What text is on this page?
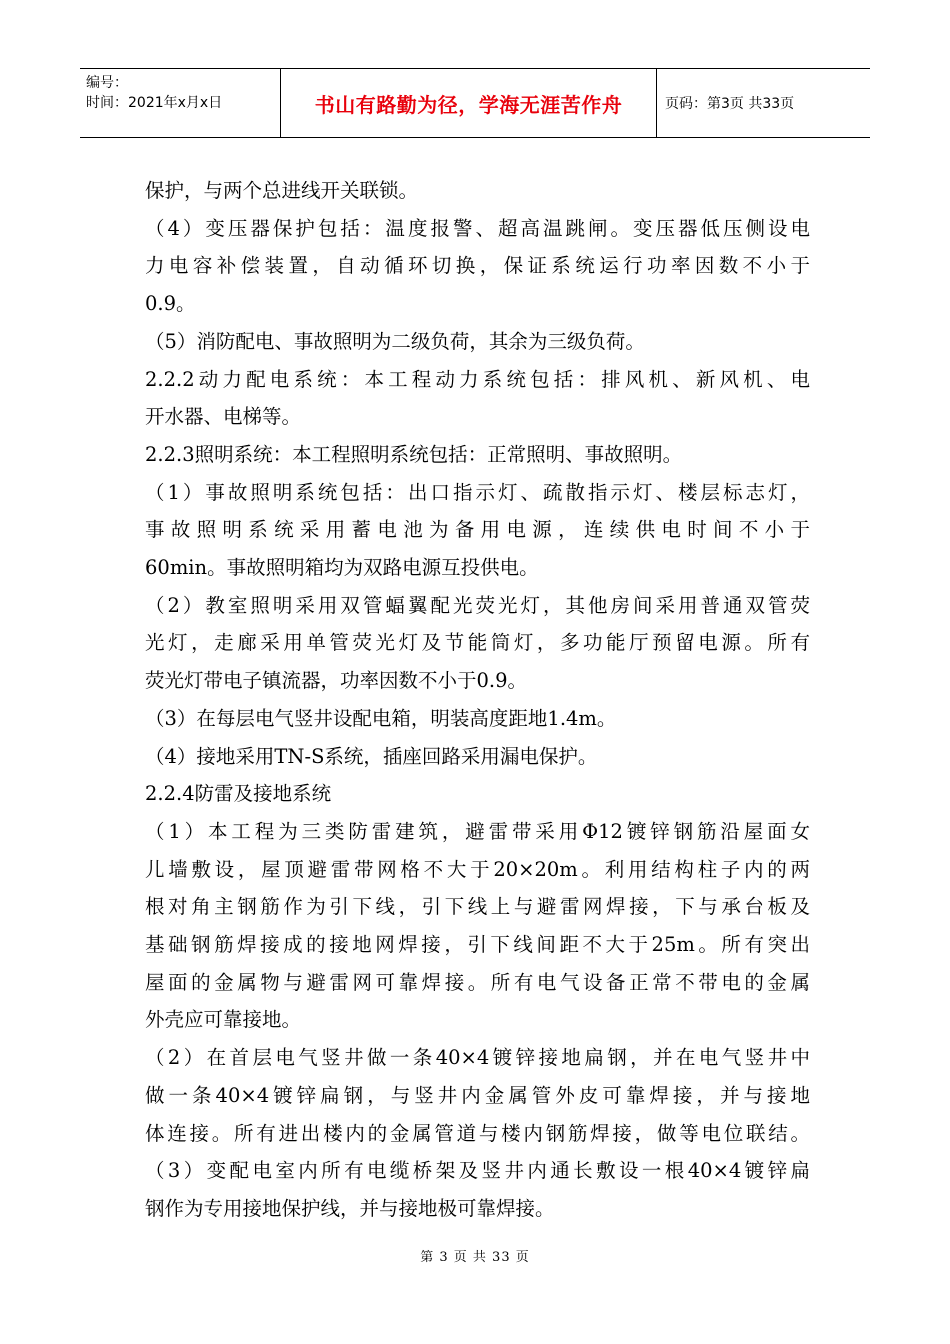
编号：
时间：2021年x月x日	书山有路勤为径，学海无涯苦作舟	页码：第3页 共33页

保护，与两个总进线开关联锁。

（4）变压器保护包括：温度报警、超高温跳闸。变压器低压侧设电

力电容补偿装置，自动循环切换，保证系统运行功率因数不小于

0.9。

（5）消防配电、事故照明为二级负荷，其余为三级负荷。

2.2.2动力配电系统：本工程动力系统包括：排风机、新风机、电

开水器、电梯等。

2.2.3照明系统：本工程照明系统包括：正常照明、事故照明。

（1）事故照明系统包括：出口指示灯、疏散指示灯、楼层标志灯，

事故照明系统采用蓄电池为备用电源，连续供电时间不小于

60min。事故照明箱均为双路电源互投供电。

（2）教室照明采用双管蝠翼配光荧光灯，其他房间采用普通双管荧

光灯，走廊采用单管荧光灯及节能筒灯，多功能厅预留电源。所有

荧光灯带电子镇流器，功率因数不小于0.9。

（3）在每层电气竖井设配电箱，明装高度距地1.4m。

（4）接地采用TN-S系统，插座回路采用漏电保护。

2.2.4防雷及接地系统

（1）本工程为三类防雷建筑，避雷带采用Φ12镀锌钢筋沿屋面女

儿墙敷设，屋顶避雷带网格不大于20×20m。利用结构柱子内的两

根对角主钢筋作为引下线，引下线上与避雷网焊接，下与承台板及

基础钢筋焊接成的接地网焊接，引下线间距不大于25m。所有突出

屋面的金属物与避雷网可靠焊接。所有电气设备正常不带电的金属

外壳应可靠接地。

（2）在首层电气竖井做一条40×4镀锌接地扁钢，并在电气竖井中

做一条40×4镀锌扁钢，与竖井内金属管外皮可靠焊接，并与接地

体连接。所有进出楼内的金属管道与楼内钢筋焊接，做等电位联结。

（3）变配电室内所有电缆桥架及竖井内通长敷设一根40×4镀锌扁

钢作为专用接地保护线，并与接地极可靠焊接。

第 3 页 共 33 页
